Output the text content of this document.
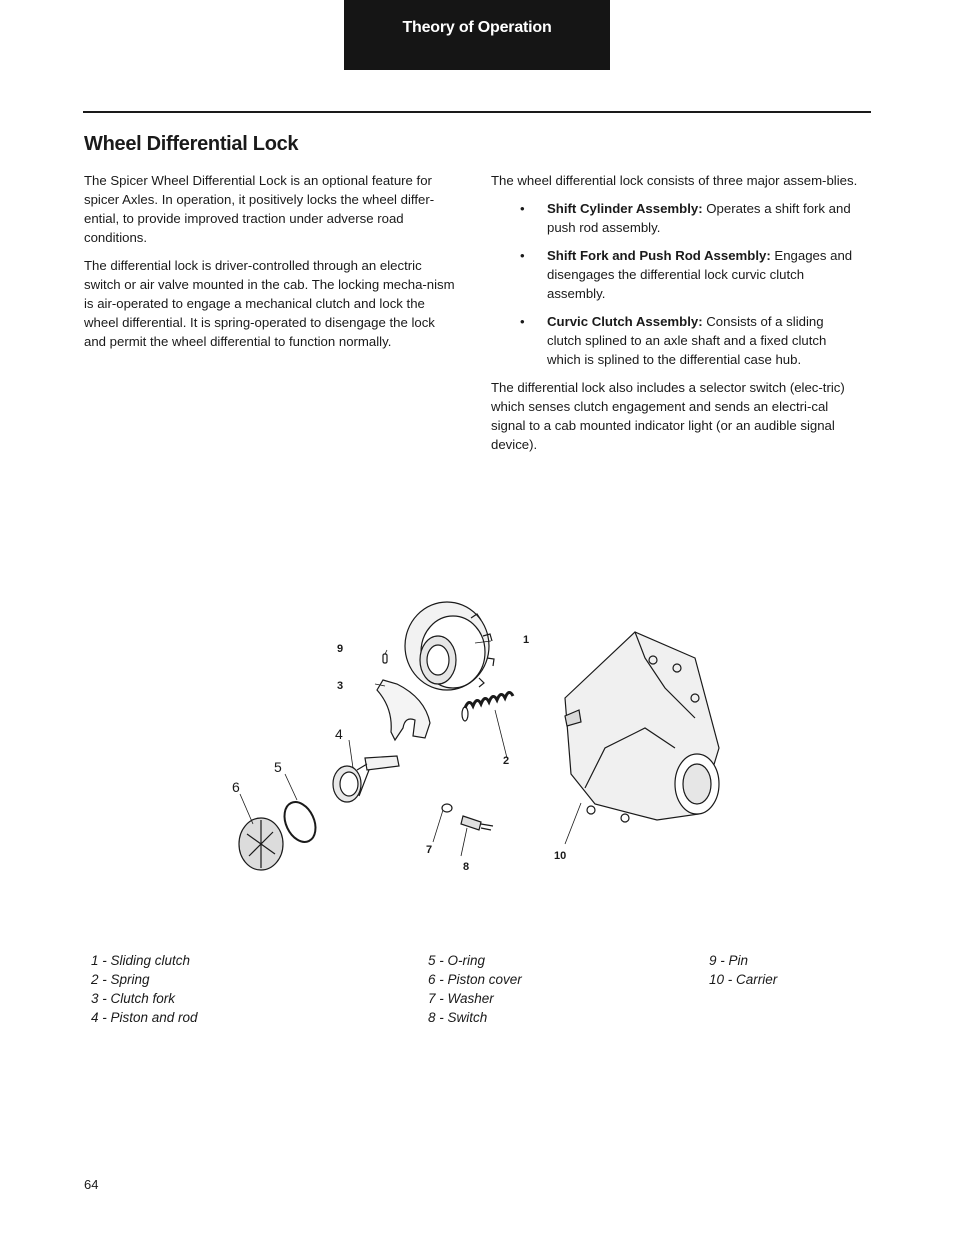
Theory of Operation
Wheel Differential Lock

The Spicer Wheel Differential Lock is an optional feature for spicer Axles. In operation, it positively locks the wheel differ-ential, to provide improved traction under adverse road conditions.

The differential lock is driver-controlled through an electric switch or air valve mounted in the cab. The locking mecha-nism is air-operated to engage a mechanical clutch and lock the wheel differential. It is spring-operated to disengage the lock and permit the wheel differential to function normally.

The wheel differential lock consists of three major assem-blies.

• Shift Cylinder Assembly: Operates a shift fork and push rod assembly.
• Shift Fork and Push Rod Assembly: Engages and disengages the differential lock curvic clutch assembly.
• Curvic Clutch Assembly: Consists of a sliding clutch splined to an axle shaft and a fixed clutch which is splined to the differential case hub.

The differential lock also includes a selector switch (elec-tric) which senses clutch engagement and sends an electri-cal signal to a cab mounted indicator light (or an audible signal device).

1
2
3
4
5
6
7
8
9
10
1 - Sliding clutch
2 - Spring
3 - Clutch fork
4 - Piston and rod
5 - O-ring
6 - Piston cover
7 - Washer
8 - Switch
9 - Pin
10 - Carrier
64
